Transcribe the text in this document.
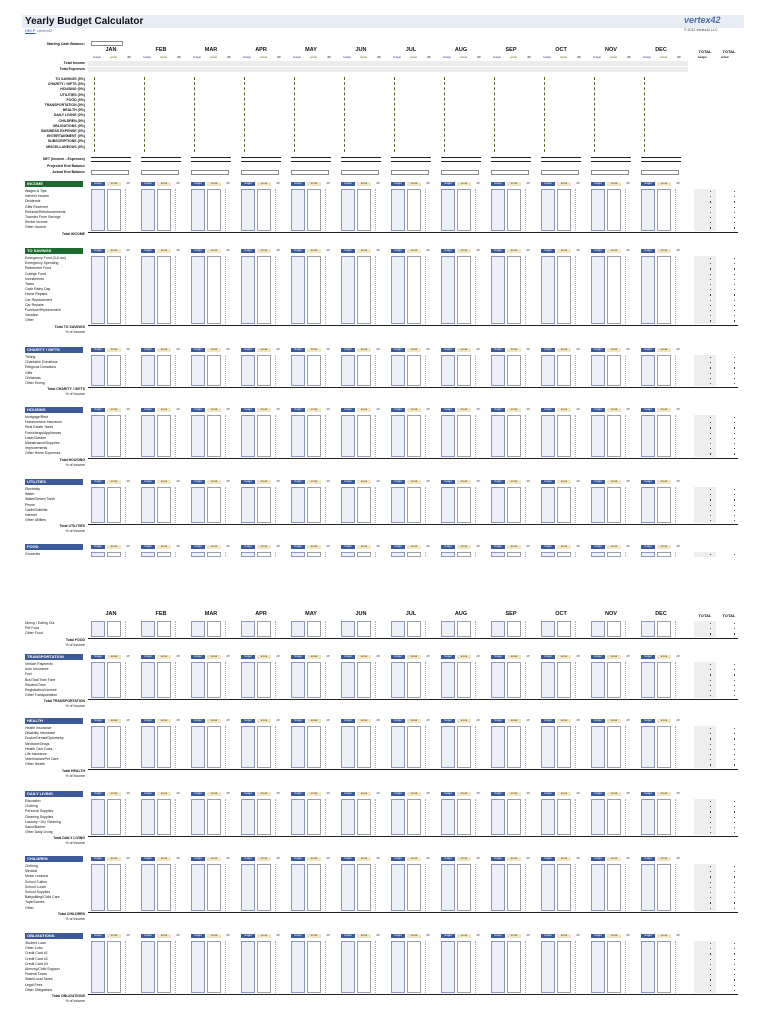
Yearly Budget Calculator	vertex42
© 2012 Vertex42 LLC
HELP vertex42
Starting Cash Balance:
JAN	FEB	MAR	APR	MAY	JUN	JUL	AUG	SEP	OCT	NOV	DEC	TOTAL	TOTAL
budget	actual	diff	budget	actual	diff	budget	actual	diff	budget	actual	diff	budget	actual	diff	budget	actual	diff	budget	actual	diff	budget	actual	diff	budget	actual	diff	budget	actual	diff	budget	actual	diff	budget	actual	diff	budget	actual
Total Income
Total Expenses
TO SAVINGS (0%)
CHARITY / GIFTS (0%)
HOUSING (0%)
UTILITIES (0%)
FOOD (0%)
TRANSPORTATION (0%)
HEALTH (0%)
DAILY LIVING (0%)
CHILDREN (0%)
OBLIGATIONS (0%)
BUSINESS EXPENSE (0%)
ENTERTAINMENT (0%)
SUBSCRIPTIONS (0%)
MISCELLANEOUS (0%)
NET (Income - Expenses)
Projected End Balance
Actual End Balance
INCOME	budget	actual	diff	budget	actual	diff	budget	actual	diff	budget	actual	diff	budget	actual	diff	budget	actual	diff	budget	actual	diff	budget	actual	diff	budget	actual	diff	budget	actual	diff	budget	actual	diff	budget	actual	diff
Wages & Tips
Interest Income
Dividends
Gifts Received
Refunds/Reimbursements
Transfer From Savings
Rental Income
Other Income
Total INCOME
TO SAVINGS	budget	actual	diff	budget	actual	diff	budget	actual	diff	budget	actual	diff	budget	actual	diff	budget	actual	diff	budget	actual	diff	budget	actual	diff	budget	actual	diff	budget	actual	diff	budget	actual	diff	budget	actual	diff
Emergency Fund (3-6 mo)
Emergency Spending
Retirement Fund
College Fund
Investments
Taxes
Cash Rainy Day
Home Repairs
Car Replacement
Car Repairs
Furniture/Replacement
Vacation
Other
Total TO SAVINGS
% of Income
CHARITY / GIFTS	budget	actual	diff	budget	actual	diff	budget	actual	diff	budget	actual	diff	budget	actual	diff	budget	actual	diff	budget	actual	diff	budget	actual	diff	budget	actual	diff	budget	actual	diff	budget	actual	diff	budget	actual	diff
Tithing
Charitable Donations
Religious Donations
Gifts
Christmas
Other Giving
Total CHARITY / GIFTS
% of Income
HOUSING	budget	actual	diff	budget	actual	diff	budget	actual	diff	budget	actual	diff	budget	actual	diff	budget	actual	diff	budget	actual	diff	budget	actual	diff	budget	actual	diff	budget	actual	diff	budget	actual	diff	budget	actual	diff
Mortgage/Rent
Homeowners Insurance
Real Estate Taxes
Furnishings/Appliances
Lawn/Garden
Maintenance/Supplies
Improvements
Other Home Expenses
Total HOUSING
% of Income
UTILITIES	budget	actual	diff	budget	actual	diff	budget	actual	diff	budget	actual	diff	budget	actual	diff	budget	actual	diff	budget	actual	diff	budget	actual	diff	budget	actual	diff	budget	actual	diff	budget	actual	diff	budget	actual	diff
Electricity
Water
Water/Sewer/Trash
Phone
Cable/Satellite
Internet
Other Utilities
Total UTILITIES
% of Income
FOOD	budget	actual	diff	budget	actual	diff	budget	actual	diff	budget	actual	diff	budget	actual	diff	budget	actual	diff	budget	actual	diff	budget	actual	diff	budget	actual	diff	budget	actual	diff	budget	actual	diff	budget	actual	diff
Groceries
JAN	FEB	MAR	APR	MAY	JUN	JUL	AUG	SEP	OCT	NOV	DEC	TOTAL	TOTAL
Dining / Eating Out
Pet Food
Other Food
Total FOOD
% of Income
TRANSPORTATION	budget	actual	diff	budget	actual	diff	budget	actual	diff	budget	actual	diff	budget	actual	diff	budget	actual	diff	budget	actual	diff	budget	actual	diff	budget	actual	diff	budget	actual	diff	budget	actual	diff	budget	actual	diff
Vehicle Payments
Auto Insurance
Fuel
Bus/Taxi/Train Fare
Repairs/Tires
Registration/License
Other Transportation
Total TRANSPORTATION
% of Income
HEALTH	budget	actual	diff	budget	actual	diff	budget	actual	diff	budget	actual	diff	budget	actual	diff	budget	actual	diff	budget	actual	diff	budget	actual	diff	budget	actual	diff	budget	actual	diff	budget	actual	diff	budget	actual	diff
Health Insurance
Disability Insurance
Doctor/Dental/Optometry
Medicine/Drugs
Health Club Dues
Life Insurance
Veterinarian/Pet Care
Other Health
Total HEALTH
% of Income
DAILY LIVING	budget	actual	diff	budget	actual	diff	budget	actual	diff	budget	actual	diff	budget	actual	diff	budget	actual	diff	budget	actual	diff	budget	actual	diff	budget	actual	diff	budget	actual	diff	budget	actual	diff	budget	actual	diff
Education
Clothing
Personal Supplies
Cleaning Supplies
Laundry / Dry Cleaning
Salon/Barber
Other Daily Living
Total DAILY LIVING
% of Income
CHILDREN	budget	actual	diff	budget	actual	diff	budget	actual	diff	budget	actual	diff	budget	actual	diff	budget	actual	diff	budget	actual	diff	budget	actual	diff	budget	actual	diff	budget	actual	diff	budget	actual	diff	budget	actual	diff
Clothing
Medical
Music Lessons
School Tuition
School Lunch
School Supplies
Babysitting/Child Care
Toys/Games
Other
Total CHILDREN
% of Income
OBLIGATIONS	budget	actual	diff	budget	actual	diff	budget	actual	diff	budget	actual	diff	budget	actual	diff	budget	actual	diff	budget	actual	diff	budget	actual	diff	budget	actual	diff	budget	actual	diff	budget	actual	diff	budget	actual	diff
Student Loan
Other Loan
Credit Card #1
Credit Card #2
Credit Card #3
Alimony/Child Support
Federal Taxes
State/Local Taxes
Legal Fees
Other Obligations
Total OBLIGATIONS
% of Income
